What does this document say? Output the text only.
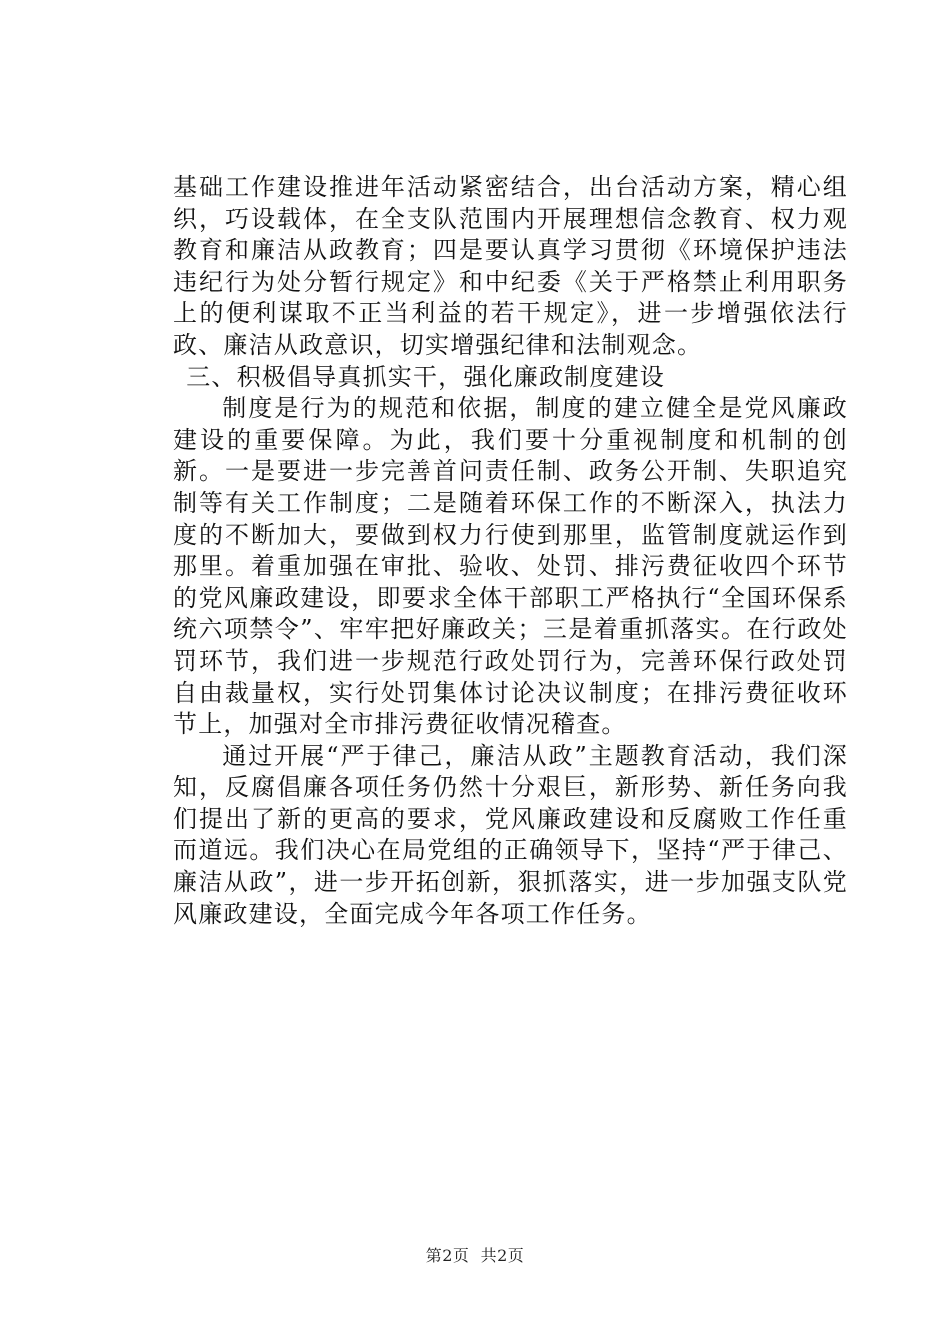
基础工作建设推进年活动紧密结合，出台活动方案，精心组织，巧设载体，在全支队范围内开展理想信念教育、权力观教育和廉洁从政教育；四是要认真学习贯彻《环境保护违法违纪行为处分暂行规定》和中纪委《关于严格禁止利用职务上的便利谋取不正当利益的若干规定》，进一步增强依法行政、廉洁从政意识，切实增强纪律和法制观念。

三、积极倡导真抓实干，强化廉政制度建设

制度是行为的规范和依据，制度的建立健全是党风廉政建设的重要保障。为此，我们要十分重视制度和机制的创新。一是要进一步完善首问责任制、政务公开制、失职追究制等有关工作制度；二是随着环保工作的不断深入，执法力度的不断加大，要做到权力行使到那里，监管制度就运作到那里。着重加强在审批、验收、处罚、排污费征收四个环节的党风廉政建设，即要求全体干部职工严格执行“全国环保系统六项禁令”、牢牢把好廉政关；三是着重抓落实。在行政处罚环节，我们进一步规范行政处罚行为，完善环保行政处罚自由裁量权，实行处罚集体讨论决议制度；在排污费征收环节上，加强对全市排污费征收情况稽查。

通过开展“严于律己，廉洁从政”主题教育活动，我们深知，反腐倡廉各项任务仍然十分艰巨，新形势、新任务向我们提出了新的更高的要求，党风廉政建设和反腐败工作任重而道远。我们决心在局党组的正确领导下，坚持“严于律己、廉洁从政”，进一步开拓创新，狠抓落实，进一步加强支队党风廉政建设，全面完成今年各项工作任务。

第2页  共2页
